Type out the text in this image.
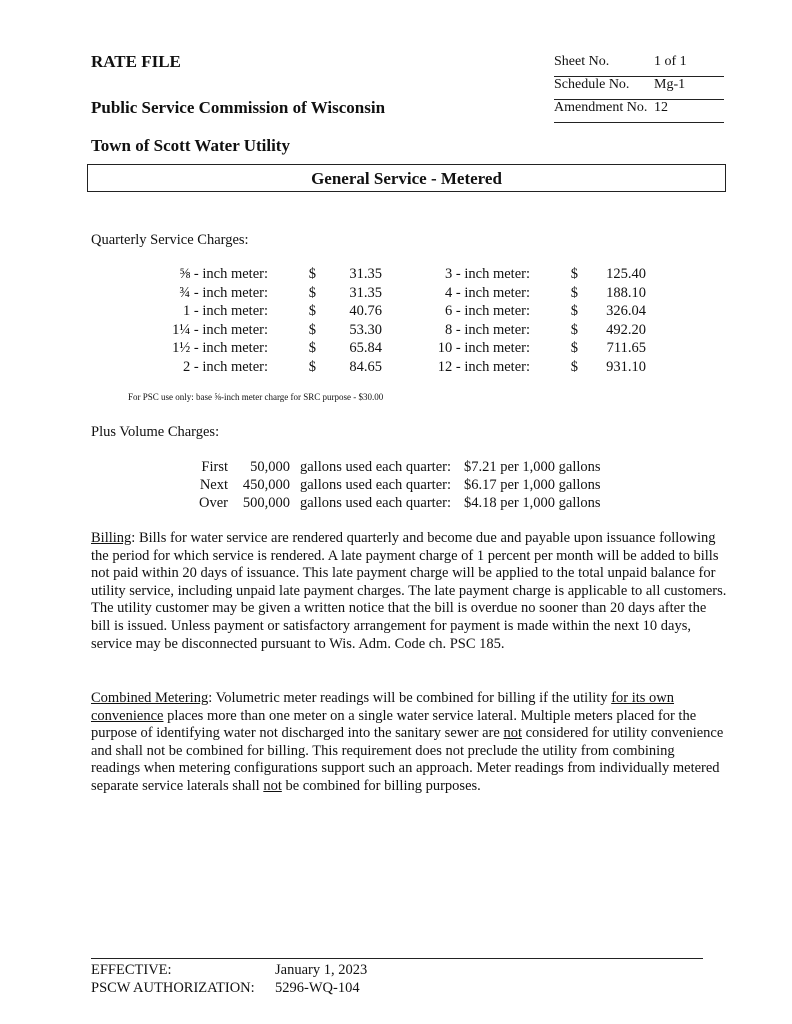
RATE FILE
Public Service Commission of Wisconsin
Town of Scott Water Utility
Sheet No.	1 of 1
Schedule No.	Mg-1
Amendment No. 12
General Service - Metered
Quarterly Service Charges:
⅝ - inch meter:	$	31.35		3 - inch meter:	$	125.40
¾ - inch meter:	$	31.35		4 - inch meter:	$	188.10
1 - inch meter:	$	40.76		6 - inch meter:	$	326.04
1¼ - inch meter:	$	53.30		8 - inch meter:	$	492.20
1½ - inch meter:	$	65.84		10 - inch meter:	$	711.65
2 - inch meter:	$	84.65		12 - inch meter:	$	931.10
For PSC use only: base ⅝-inch meter charge for SRC purpose - $30.00
Plus Volume Charges:
First	50,000	gallons used each quarter:	$7.21 per 1,000 gallons
Next	450,000	gallons used each quarter:	$6.17 per 1,000 gallons
Over	500,000	gallons used each quarter:	$4.18 per 1,000 gallons
Billing: Bills for water service are rendered quarterly and become due and payable upon issuance following the period for which service is rendered. A late payment charge of 1 percent per month will be added to bills not paid within 20 days of issuance. This late payment charge will be applied to the total unpaid balance for utility service, including unpaid late payment charges. The late payment charge is applicable to all customers. The utility customer may be given a written notice that the bill is overdue no sooner than 20 days after the bill is issued. Unless payment or satisfactory arrangement for payment is made within the next 10 days, service may be disconnected pursuant to Wis. Adm. Code ch. PSC 185.
Combined Metering: Volumetric meter readings will be combined for billing if the utility for its own convenience places more than one meter on a single water service lateral. Multiple meters placed for the purpose of identifying water not discharged into the sanitary sewer are not considered for utility convenience and shall not be combined for billing. This requirement does not preclude the utility from combining readings when metering configurations support such an approach. Meter readings from individually metered separate service laterals shall not be combined for billing purposes.
EFFECTIVE:	January 1, 2023
PSCW AUTHORIZATION:	5296-WQ-104
